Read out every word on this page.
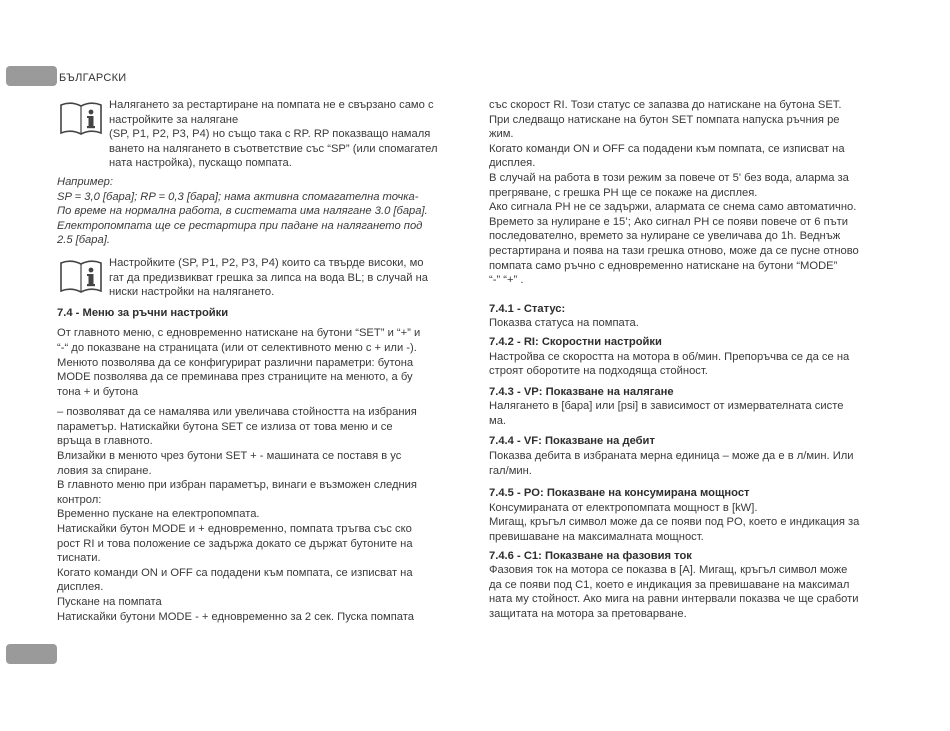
БЪЛГАРСКИ
Налягането за рестартиране на помпата не е свързано само с
настройките за налягане
(SP, P1, P2, P3, P4) но също така с RP. RP показващо намаля
ването на налягането в съответствие със “SP” (или спомагател
ната настройка), пускащо помпата.
Например:
SP = 3,0 [бара]; RP = 0,3 [бара]; нама активна спомагателна точка-
По време на нормална работа, в системата има налягане 3.0 [бара].
Електропомпата ще се рестартира при падане на налягането под
2.5 [бара].
Настройките (SP, P1, P2, P3, P4) които са твърде високи, мо
гат да предизвикват грешка за липса на вода BL; в случай на
ниски настройки на налягането.

7.4 - Меню за ръчни настройки

От главното меню, с едновременно натискане на бутони “SET” и “+” и
“-“ до показване на страницата (или от селективното меню с + или -).
Менюто позволява да се конфигурират различни параметри: бутона
MODE позволява да се преминава през страниците на менюто, а бу
тона + и бутона
– позволяват да се намалява или увеличава стойността на избрания
параметър. Натискайки бутона SET се излиза от това меню и се
връща в главното.
Влизайки в менюто чрез бутони SET + - машината се поставя в ус
ловия за спиране.
В главното меню при избран параметър, винаги е възможен следния
контрол:
Временно пускане на електропомпата.
Натискайки бутон MODE и + едновременно, помпата тръгва със ско
рост RI и това положение се задържа докато се държат бутоните на
тиснати.
Когато команди ON и OFF са подадени към помпата, се изписват на
дисплея.
Пускане на помпата
Натискайки бутони MODE - + едновременно за 2 сек. Пуска помпата
със скорост RI. Този статус се запазва до натискане на бутона SET.
При следващо натискане на бутон SET помпата напуска ръчния ре
жим.
Когато команди ON и OFF са подадени към помпата, се изписват на
дисплея.
В случай на работа в този режим за повече от 5' без вода, аларма за
прегряване, с грешка PH ще се покаже на дисплея.
Ако сигнала PH не се задържи, алармата се снема само автоматично.
Времето за нулиране е 15’; Ако сигнал PH се появи повече от 6 пъти
последователно, времето за нулиране се увеличава до 1h. Веднъж
рестартирана и поява на тази грешка отново, може да се пусне отново
помпата само ръчно с едновременно натискане на бутони “MODE”
“-” “+” .

7.4.1 - Статус:

Показва статуса на помпата.

7.4.2 - RI: Скоростни настройки

Настройва се скоростта на мотора в об/мин. Препоръчва се да се на
строят оборотите на подходяща стойност.

7.4.3 - VP: Показване на налягане

Налягането в [бара] или [psi] в зависимост от измервателната систе
ма.

7.4.4 - VF: Показване на дебит

Показва дебита в избраната мерна единица – може да е в л/мин. Или
гал/мин.

7.4.5 - PO: Показване на консумирана мощност

Консумираната от електропомпата мощност в [kW].
Мигащ, кръгъл символ може да се появи под PO, което е индикация за
превишаване на максималната мощност.

7.4.6 - C1: Показване на фазовия ток

Фазовия ток на мотора се показва в [A]. Мигащ, кръгъл символ може
да се появи под C1, което е индикация за превишаване на максимал
ната му стойност. Ако мига на равни интервали показва че ще сработи
защитата на мотора за претоварване.
